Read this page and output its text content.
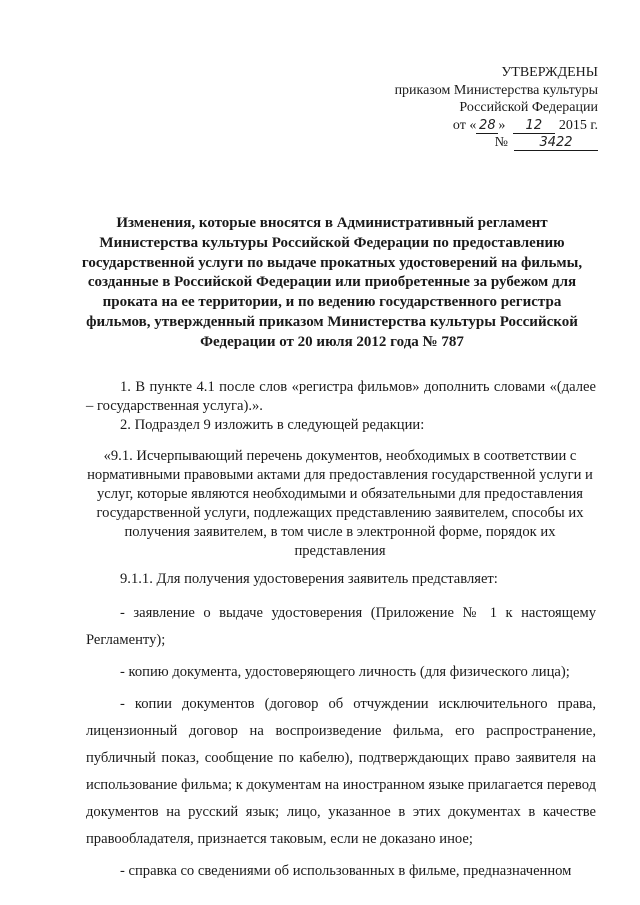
УТВЕРЖДЕНЫ
приказом Министерства культуры
Российской Федерации
от « 28 » 12 2015 г.
№ 3422
Изменения, которые вносятся в Административный регламент Министерства культуры Российской Федерации по предоставлению государственной услуги по выдаче прокатных удостоверений на фильмы, созданные в Российской Федерации или приобретенные за рубежом для проката на ее территории, и по ведению государственного регистра фильмов, утвержденный приказом Министерства культуры Российской Федерации от 20 июля 2012 года № 787

1. В пункте 4.1 после слов «регистра фильмов» дополнить словами «(далее – государственная услуга).».

2. Подраздел 9 изложить в следующей редакции:

«9.1. Исчерпывающий перечень документов, необходимых в соответствии с нормативными правовыми актами для предоставления государственной услуги и услуг, которые являются необходимыми и обязательными для предоставления государственной услуги, подлежащих представлению заявителем, способы их получения заявителем, в том числе в электронной форме, порядок их представления

9.1.1. Для получения удостоверения заявитель представляет:

- заявление о выдаче удостоверения (Приложение № 1 к настоящему Регламенту);

- копию документа, удостоверяющего личность (для физического лица);

- копии документов (договор об отчуждении исключительного права, лицензионный договор на воспроизведение фильма, его распространение, публичный показ, сообщение по кабелю), подтверждающих право заявителя на использование фильма; к документам на иностранном языке прилагается перевод документов на русский язык; лицо, указанное в этих документах в качестве правообладателя, признается таковым, если не доказано иное;

- справка со сведениями об использованных в фильме, предназначенном
